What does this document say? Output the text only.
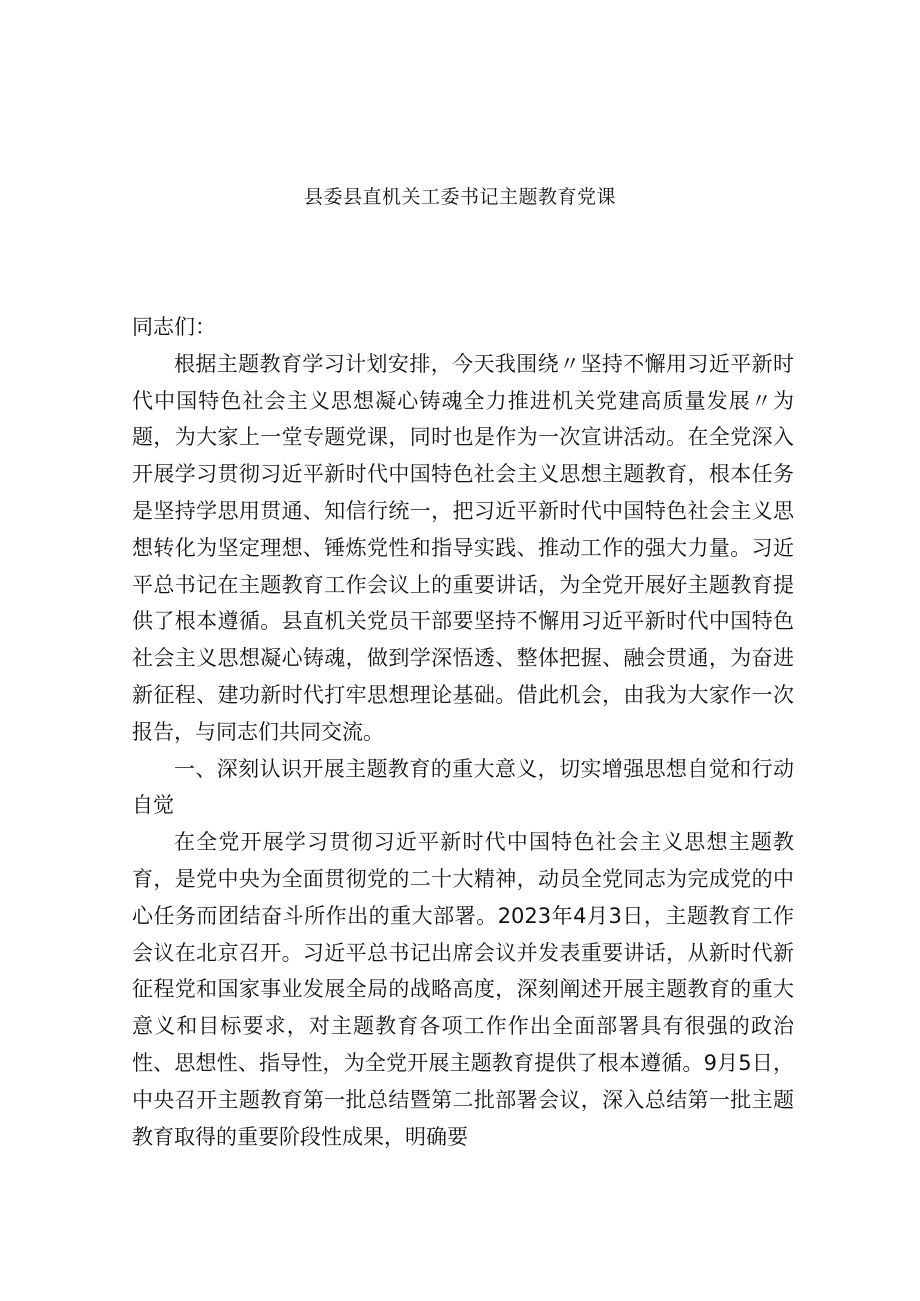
县委县直机关工委书记主题教育党课

同志们：

根据主题教育学习计划安排，今天我围绕〃坚持不懈用习近平新时代中国特色社会主义思想凝心铸魂全力推进机关党建高质量发展〃为题，为大家上一堂专题党课，同时也是作为一次宣讲活动。在全党深入开展学习贯彻习近平新时代中国特色社会主义思想主题教育，根本任务是坚持学思用贯通、知信行统一，把习近平新时代中国特色社会主义思想转化为坚定理想、锤炼党性和指导实践、推动工作的强大力量。习近平总书记在主题教育工作会议上的重要讲话，为全党开展好主题教育提供了根本遵循。县直机关党员干部要坚持不懈用习近平新时代中国特色社会主义思想凝心铸魂，做到学深悟透、整体把握、融会贯通，为奋进新征程、建功新时代打牢思想理论基础。借此机会，由我为大家作一次报告，与同志们共同交流。

一、深刻认识开展主题教育的重大意义，切实增强思想自觉和行动自觉

在全党开展学习贯彻习近平新时代中国特色社会主义思想主题教育，是党中央为全面贯彻党的二十大精神，动员全党同志为完成党的中心任务而团结奋斗所作出的重大部署。2023年4月3日，主题教育工作会议在北京召开。习近平总书记出席会议并发表重要讲话，从新时代新征程党和国家事业发展全局的战略高度，深刻阐述开展主题教育的重大意义和目标要求，对主题教育各项工作作出全面部署具有很强的政治性、思想性、指导性，为全党开展主题教育提供了根本遵循。9月5日，中央召开主题教育第一批总结暨第二批部署会议，深入总结第一批主题教育取得的重要阶段性成果，明确要
